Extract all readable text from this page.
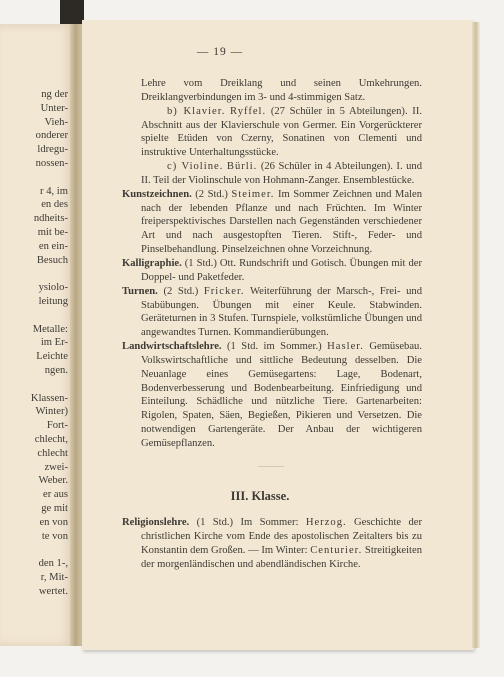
ng der
Unter-
Vieh-
onderer
ldregu-
nossen-

r 4, im
en des
ndheits-
mit be-
en ein-
Besuch

ysiolo-
leitung

Metalle:
im Er-
Leichte
ngen.

Klassen-
Winter)
Fort-
chlecht,
chlecht
zwei-
Weber.
er aus
ge mit
en von
te von

den 1-,
r, Mit-
wertet.
— 19 —

Lehre vom Dreiklang und seinen Umkehrungen. Dreiklangverbindungen im 3- und 4-stimmigen Satz.

b) Klavier. Ryffel. (27 Schüler in 5 Abteilungen). II. Abschnitt aus der Klavierschule von Germer. Ein Vorgerückterer spielte Etüden von Czerny, Sonatinen von Clementi und instruktive Unterhaltungsstücke.

c) Violine. Bürli. (26 Schüler in 4 Abteilungen). I. und II. Teil der Violinschule von Hohmann-Zanger. Ensemblestücke.

Kunstzeichnen. (2 Std.) Steimer. Im Sommer Zeichnen und Malen nach der lebenden Pflanze und nach Früchten. Im Winter freiperspektivisches Darstellen nach Gegenständen verschiedener Art und nach ausgestopften Tieren. Stift-, Feder- und Pinselbehandlung. Pinselzeichnen ohne Vorzeichnung.

Kalligraphie. (1 Std.) Ott. Rundschrift und Gotisch. Übungen mit der Doppel- und Paketfeder.

Turnen. (2 Std.) Fricker. Weiterführung der Marsch-, Frei- und Stabübungen. Übungen mit einer Keule. Stabwinden. Geräteturnen in 3 Stufen. Turnspiele, volkstümliche Übungen und angewandtes Turnen. Kommandierübungen.

Landwirtschaftslehre. (1 Std. im Sommer.) Hasler. Gemüsebau. Volkswirtschaftliche und sittliche Bedeutung desselben. Die Neuanlage eines Gemüsegartens: Lage, Bodenart, Bodenverbesserung und Bodenbearbeitung. Einfriedigung und Einteilung. Schädliche und nützliche Tiere. Gartenarbeiten: Rigolen, Spaten, Säen, Begießen, Pikieren und Versetzen. Die notwendigen Gartengeräte. Der Anbau der wichtigeren Gemüsepflanzen.

III. Klasse.

Religionslehre. (1 Std.) Im Sommer: Herzog. Geschichte der christlichen Kirche vom Ende des apostolischen Zeitalters bis zu Konstantin dem Großen. — Im Winter: Centurier. Streitigkeiten der morgenländischen und abendländischen Kirche.
